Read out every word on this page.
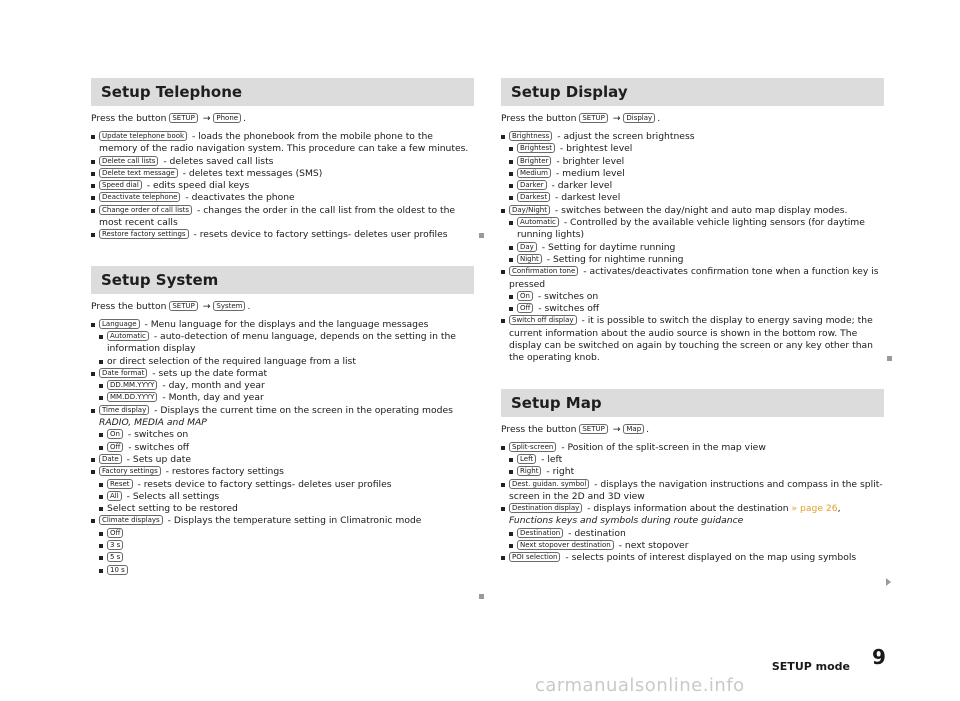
Setup Telephone
Press the button SETUP → Phone .
Update telephone book - loads the phonebook from the mobile phone to the memory of the radio navigation system. This procedure can take a few minutes.
Delete call lists - deletes saved call lists
Delete text message - deletes text messages (SMS)
Speed dial - edits speed dial keys
Deactivate telephone - deactivates the phone
Change order of call lists - changes the order in the call list from the oldest to the most recent calls
Restore factory settings - resets device to factory settings- deletes user profiles
Setup System
Press the button SETUP → System .
Language - Menu language for the displays and the language messages
Automatic - auto-detection of menu language, depends on the setting in the information display
or direct selection of the required language from a list
Date format - sets up the date format
DD.MM.YYYY - day, month and year
MM.DD.YYYY - Month, day and year
Time display - Displays the current time on the screen in the operating modes
RADIO, MEDIA and MAP
On - switches on
Off - switches off
Date - Sets up date
Factory settings - restores factory settings
Reset - resets device to factory settings- deletes user profiles
All - Selects all settings
Select setting to be restored
Climate displays - Displays the temperature setting in Climatronic mode
Off
3 s
5 s
10 s
Setup Display
Press the button SETUP → Display .
Brightness - adjust the screen brightness
Brightest - brightest level
Brighter - brighter level
Medium - medium level
Darker - darker level
Darkest - darkest level
Day/Night - switches between the day/night and auto map display modes.
Automatic - Controlled by the available vehicle lighting sensors (for daytime running lights)
Day - Setting for daytime running
Night - Setting for nightime running
Confirmation tone - activates/deactivates confirmation tone when a function key is pressed
On - switches on
Off - switches off
Switch off display - it is possible to switch the display to energy saving mode; the current information about the audio source is shown in the bottom row. The display can be switched on again by touching the screen or any key other than the operating knob.
Setup Map
Press the button SETUP → Map .
Split-screen - Position of the split-screen in the map view
Left - left
Right - right
Dest. guidan. symbol - displays the navigation instructions and compass in the split-screen in the 2D and 3D view
Destination display - displays information about the destination » page 26, Functions keys and symbols during route guidance
Destination - destination
Next stopover destination - next stopover
POI selection - selects points of interest displayed on the map using symbols
SETUP mode 9
carmanualsonline.info
